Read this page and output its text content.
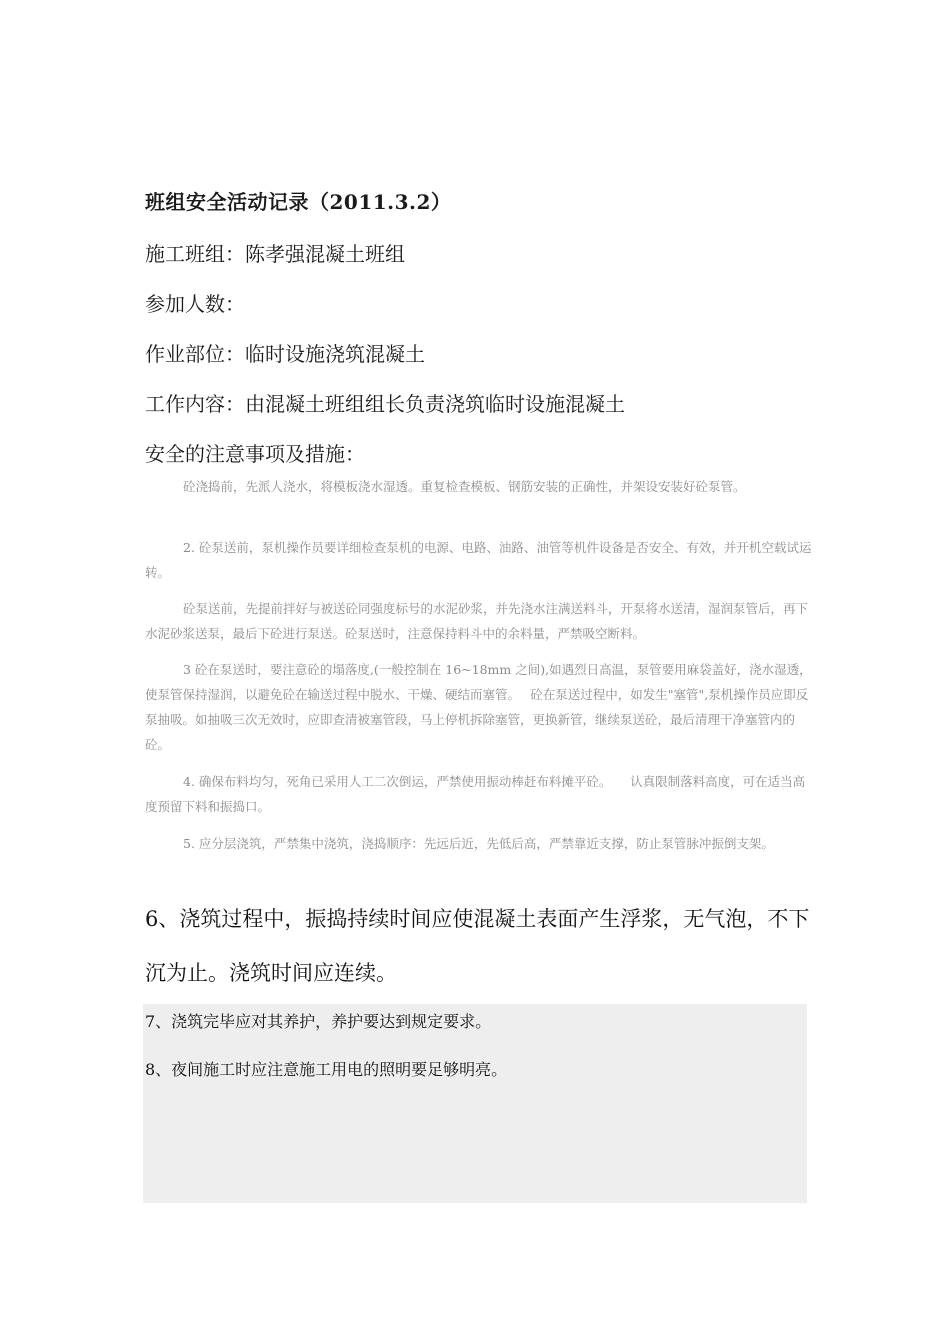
班组安全活动记录（2011.3.2）
施工班组：陈孝强混凝土班组
参加人数：
作业部位：临时设施浇筑混凝土
工作内容：由混凝土班组组长负责浇筑临时设施混凝土
安全的注意事项及措施：

砼浇捣前，先派人浇水，将模板浇水湿透。重复检查模板、钢筋安装的正确性，并架设安装好砼泵管。

2. 砼泵送前，泵机操作员要详细检查泵机的电源、电路、油路、油管等机件设备是否安全、有效，并开机空载试运转。

砼泵送前，先提前拌好与被送砼同强度标号的水泥砂浆，并先浇水注满送料斗，开泵将水送清，湿润泵管后，再下水泥砂浆送泵，最后下砼进行泵送。砼泵送时，注意保持料斗中的余料量，严禁吸空断料。

3 砼在泵送时，要注意砼的塌落度,(一般控制在 16~18mm 之间),如遇烈日高温，泵管要用麻袋盖好，浇水湿透，使泵管保持湿润，以避免砼在输送过程中脱水、干燥、硬结而塞管。　 砼在泵送过程中，如发生"塞管",泵机操作员应即反泵抽吸。如抽吸三次无效时，应即查清被塞管段，马上停机拆除塞管，更换新管，继续泵送砼，最后清理干净塞管内的砼。

4. 确保布料均匀，死角已采用人工二次倒运，严禁使用振动棒赶布料摊平砼。　　认真限制落料高度，可在适当高度预留下料和振捣口。

5. 应分层浇筑，严禁集中浇筑，浇捣顺序：先远后近，先低后高，严禁靠近支撑，防止泵管脉冲振倒支架。

6、浇筑过程中，振捣持续时间应使混凝土表面产生浮浆，无气泡，不下沉为止。浇筑时间应连续。

7、浇筑完毕应对其养护，养护要达到规定要求。
8、夜间施工时应注意施工用电的照明要足够明亮。
